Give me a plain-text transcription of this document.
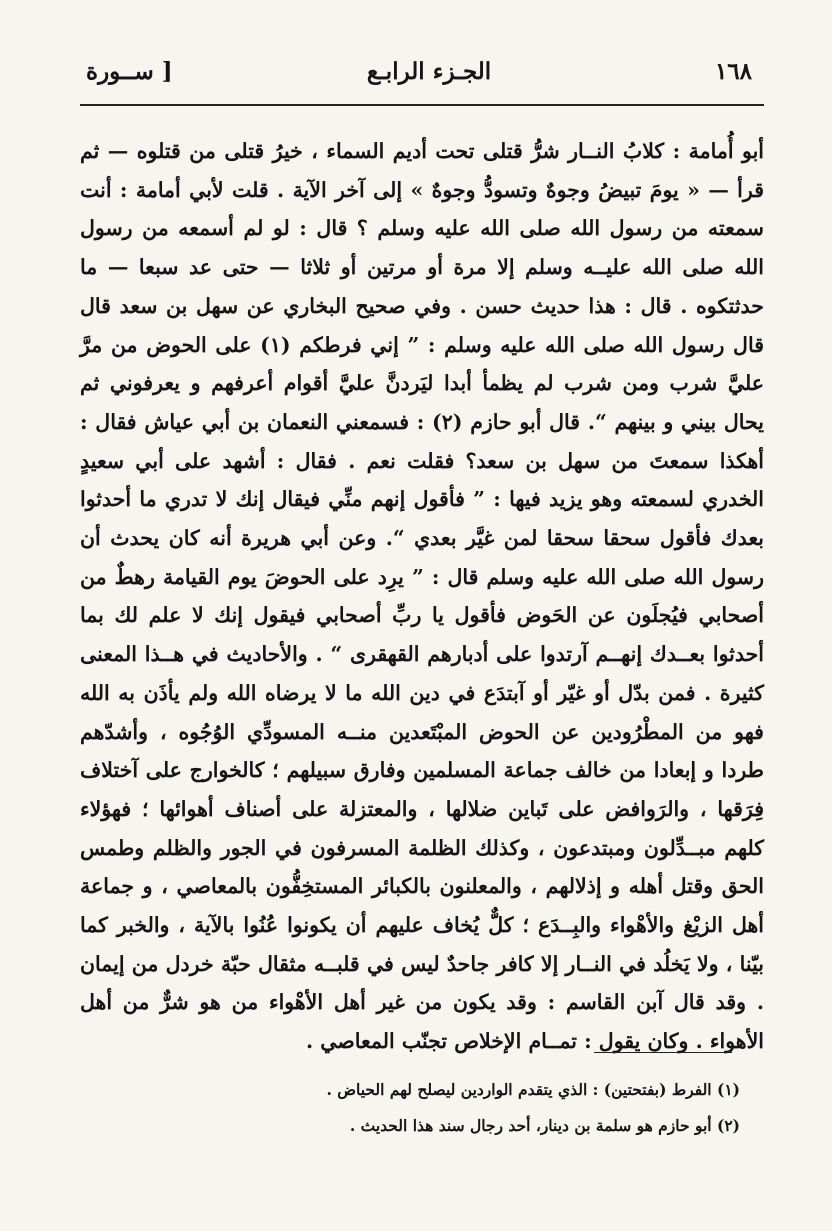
١٦٨
الجـزء الرابـع
[ ســورة

أبو أُمامة : كلابُ النــار شرُّ قتلى تحت أديم السماء ، خيرُ قتلى من قتلوه — ثم قرأ — « يومَ تبيضُ وجوهٌ وتسودُّ وجوهٌ » إلى آخر الآية . قلت لأبي أمامة : أنت سمعته من رسول الله صلى الله عليه وسلم ؟ قال : لو لم أسمعه من رسول الله صلى الله عليــه وسلم إلا مرة أو مرتين أو ثلاثا — حتى عد سبعا — ما حدثتكوه . قال : هذا حديث حسن . وفي صحيح البخاري عن سهل بن سعد قال قال رسول الله صلى الله عليه وسلم : ” إني فرطكم (١) على الحوض من مرَّ عليَّ شرب ومن شرب لم يظمأ أبدا ليَردنَّ عليَّ أقوام أعرفهم و يعرفوني ثم يحال بيني و بينهم “. قال أبو حازم (٢) : فسمعني النعمان بن أبي عياش فقال : أهكذا سمعتَ من سهل بن سعد؟ فقلت نعم . فقال : أشهد على أبي سعيدٍ الخدري لسمعته وهو يزيد فيها : ” فأقول إنهم منِّي فيقال إنك لا تدري ما أحدثوا بعدك فأقول سحقا سحقا لمن غيَّر بعدي “. وعن أبي هريرة أنه كان يحدث أن رسول الله صلى الله عليه وسلم قال : ” يرِد على الحوضَ يوم القيامة رهطٌ من أصحابي فيُجلَون عن الحَوض فأقول يا ربِّ أصحابي فيقول إنك لا علم لك بما أحدثوا بعــدك إنهــم آرتدوا على أدبارهم القهقرى “ . والأحاديث في هــذا المعنى كثيرة . فمن بدّل أو غيّر أو آبتدَع في دين الله ما لا يرضاه الله ولم يأذَن به الله فهو من المطْرُودين عن الحوض المبْتَعدين منــه المسودِّي الوُجُوه ، وأشدّهم طردا و إبعادا من خالف جماعة المسلمين وفارق سبيلهم ؛ كالخوارج على آختلاف فِرَقها ، والرَوافض على تَباين ضلالها ، والمعتزلة على أصناف أهوائها ؛ فهؤلاء كلهم مبــدِّلون ومبتدعون ، وكذلك الظلمة المسرفون في الجور والظلم وطمس الحق وقتل أهله و إذلالهم ، والمعلنون بالكبائر المستخِفُّون بالمعاصي ، و جماعة أهل الزيْغ والأهْواء والبِــدَع ؛ كلٌّ يُخاف عليهم أن يكونوا عُنُوا بالآية ، والخبر كما بيّنا ، ولا يَخلُد في النــار إلا كافر جاحدٌ ليس في قلبــه مثقال حبّة خردل من إيمان . وقد قال آبن القاسم : وقد يكون من غير أهل الأهْواء من هو شرٌّ من أهل الأهواء . وكان يقول : تمــام الإخلاص تجنّب المعاصي .

(١) الفرط (بفتحتين) : الذي يتقدم الواردين ليصلح لهم الحياض .
(٢) أبو حازم هو سلمة بن دينار، أحد رجال سند هذا الحديث .
